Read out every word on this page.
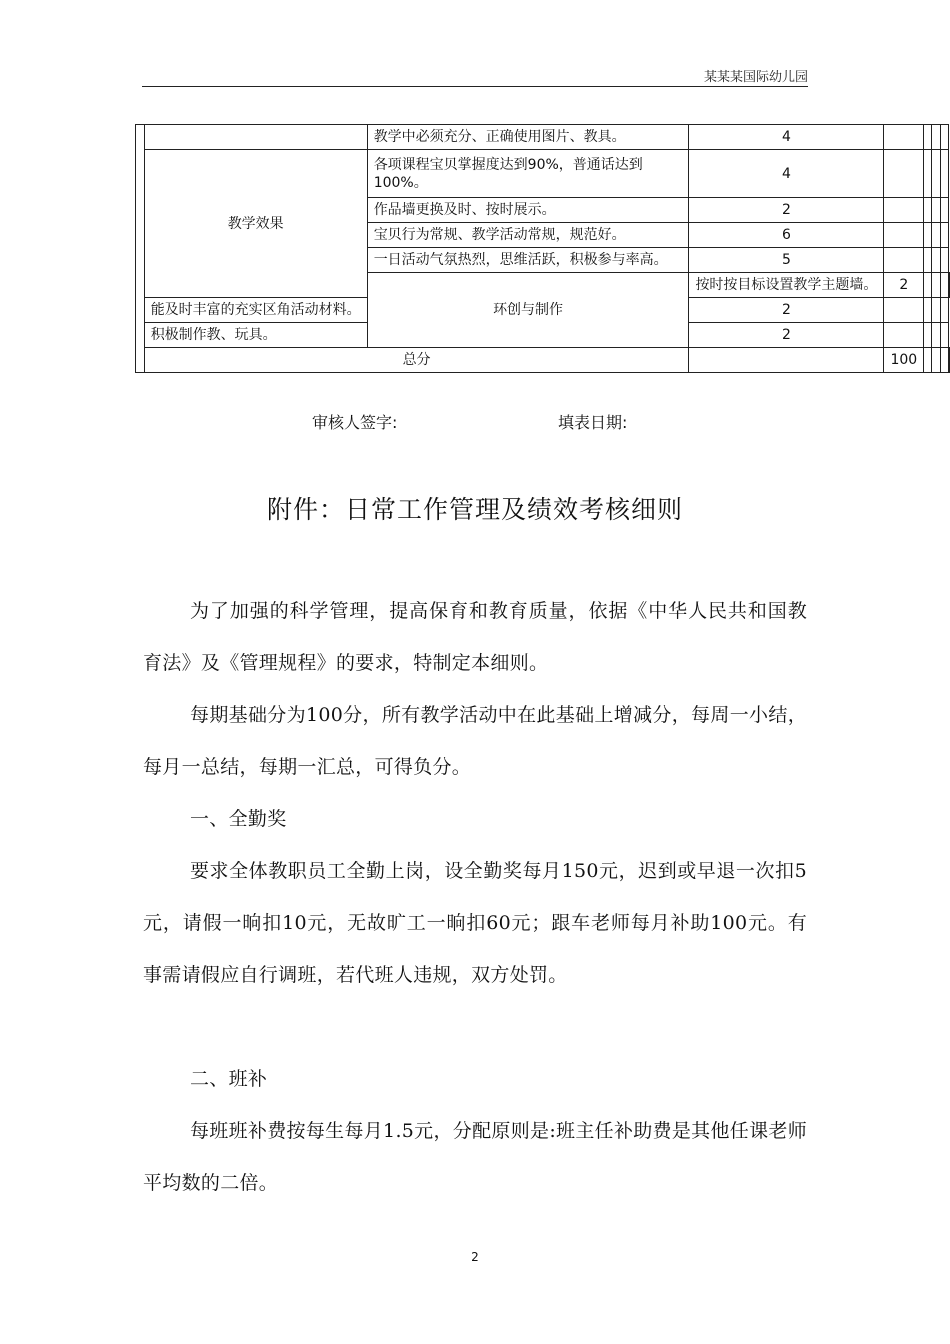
某某某国际幼儿园
		教学中必须充分、正确使用图片、教具。	4					
	教学效果	各项课程宝贝掌握度达到90%，普通话达到100%。	4					
		作品墙更换及时、按时展示。	2					
		宝贝行为常规、教学活动常规，规范好。	6					
		一日活动气氛热烈，思维活跃，积极参与率高。	5					
		环创与制作	按时按目标设置教学主题墙。	2				
	能及时丰富的充实区角活动材料。		2					
	积极制作教、玩具。		2					
	总分			100				
审核人签字:	填表日期:
附件：日常工作管理及绩效考核细则

为了加强的科学管理，提高保育和教育质量，依据《中华人民共和国教育法》及《管理规程》的要求，特制定本细则。

每期基础分为100分，所有教学活动中在此基础上增减分，每周一小结，每月一总结，每期一汇总，可得负分。

一、全勤奖

要求全体教职员工全勤上岗，设全勤奖每月150元，迟到或早退一次扣5元，请假一晌扣10元，无故旷工一晌扣60元；跟车老师每月补助100元。有事需请假应自行调班，若代班人违规，双方处罚。

二、班补

每班班补费按每生每月1.5元，分配原则是:班主任补助费是其他任课老师平均数的二倍。

2
